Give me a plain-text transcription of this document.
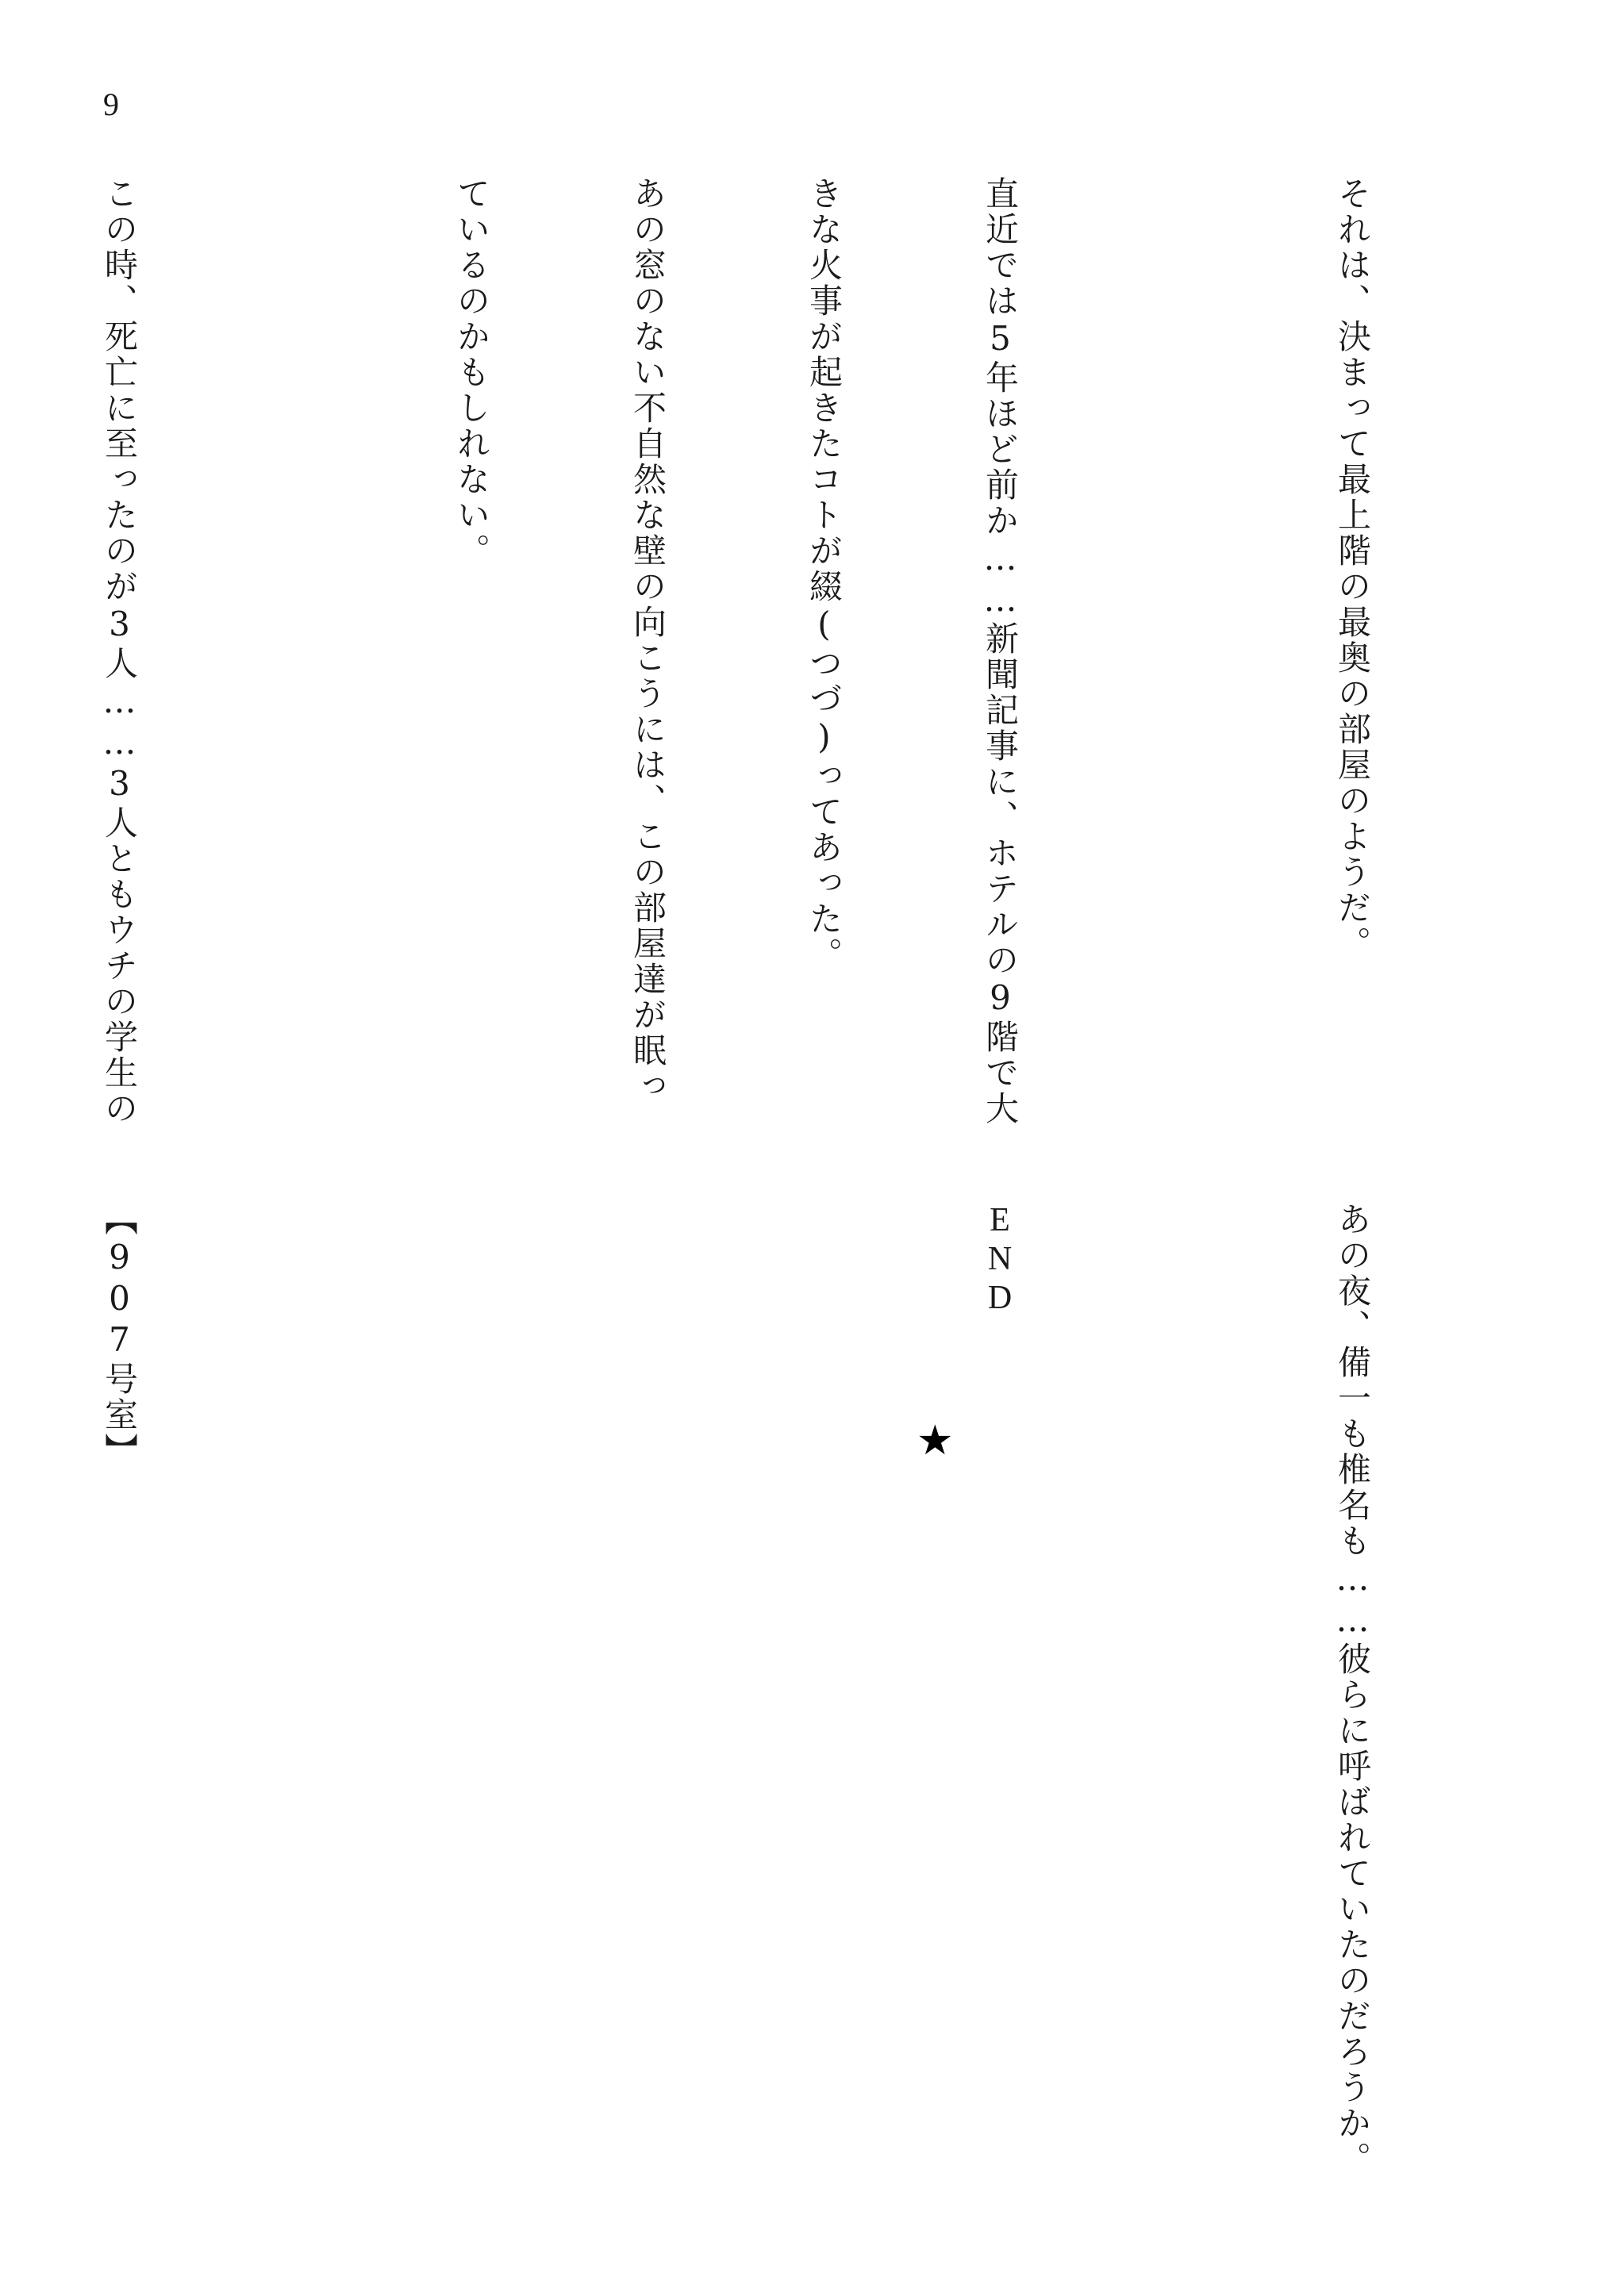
9

それは、決まって最上階の最奥の部屋のようだ。

直近では5年ほど前か……新聞記事に、ホテルの9階で大

きな火事が起きたコトが綴(つづ)ってあった。

あの窓のない不自然な壁の向こうには、この部屋達が眠っ

ているのかもしれない。

この時、死亡に至ったのが3人……3人ともウチの学生の

あの夜、備一も椎名も……彼らに呼ばれていたのだろうか。

END

【907号室】

	★
